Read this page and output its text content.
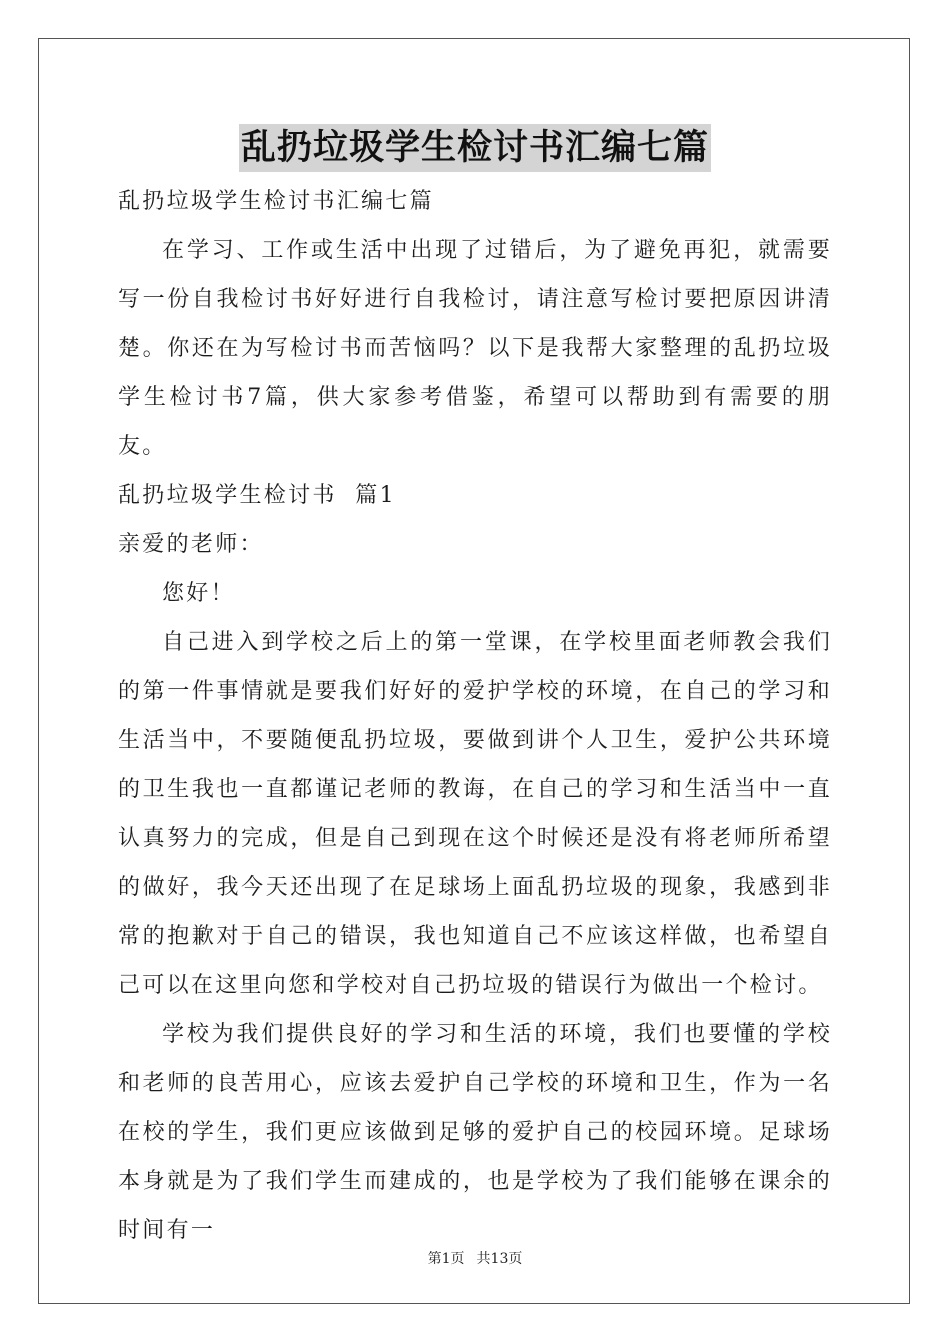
乱扔垃圾学生检讨书汇编七篇

乱扔垃圾学生检讨书汇编七篇

在学习、工作或生活中出现了过错后，为了避免再犯，就需要写一份自我检讨书好好进行自我检讨，请注意写检讨要把原因讲清楚。你还在为写检讨书而苦恼吗？以下是我帮大家整理的乱扔垃圾学生检讨书7篇，供大家参考借鉴，希望可以帮助到有需要的朋友。

乱扔垃圾学生检讨书  篇1

亲爱的老师：

您好！

自己进入到学校之后上的第一堂课，在学校里面老师教会我们的第一件事情就是要我们好好的爱护学校的环境，在自己的学习和生活当中，不要随便乱扔垃圾，要做到讲个人卫生，爱护公共环境的卫生我也一直都谨记老师的教诲，在自己的学习和生活当中一直认真努力的完成，但是自己到现在这个时候还是没有将老师所希望的做好，我今天还出现了在足球场上面乱扔垃圾的现象，我感到非常的抱歉对于自己的错误，我也知道自己不应该这样做，也希望自己可以在这里向您和学校对自己扔垃圾的错误行为做出一个检讨。

学校为我们提供良好的学习和生活的环境，我们也要懂的学校和老师的良苦用心，应该去爱护自己学校的环境和卫生，作为一名在校的学生，我们更应该做到足够的爱护自己的校园环境。足球场本身就是为了我们学生而建成的，也是学校为了我们能够在课余的时间有一

第1页 共13页
